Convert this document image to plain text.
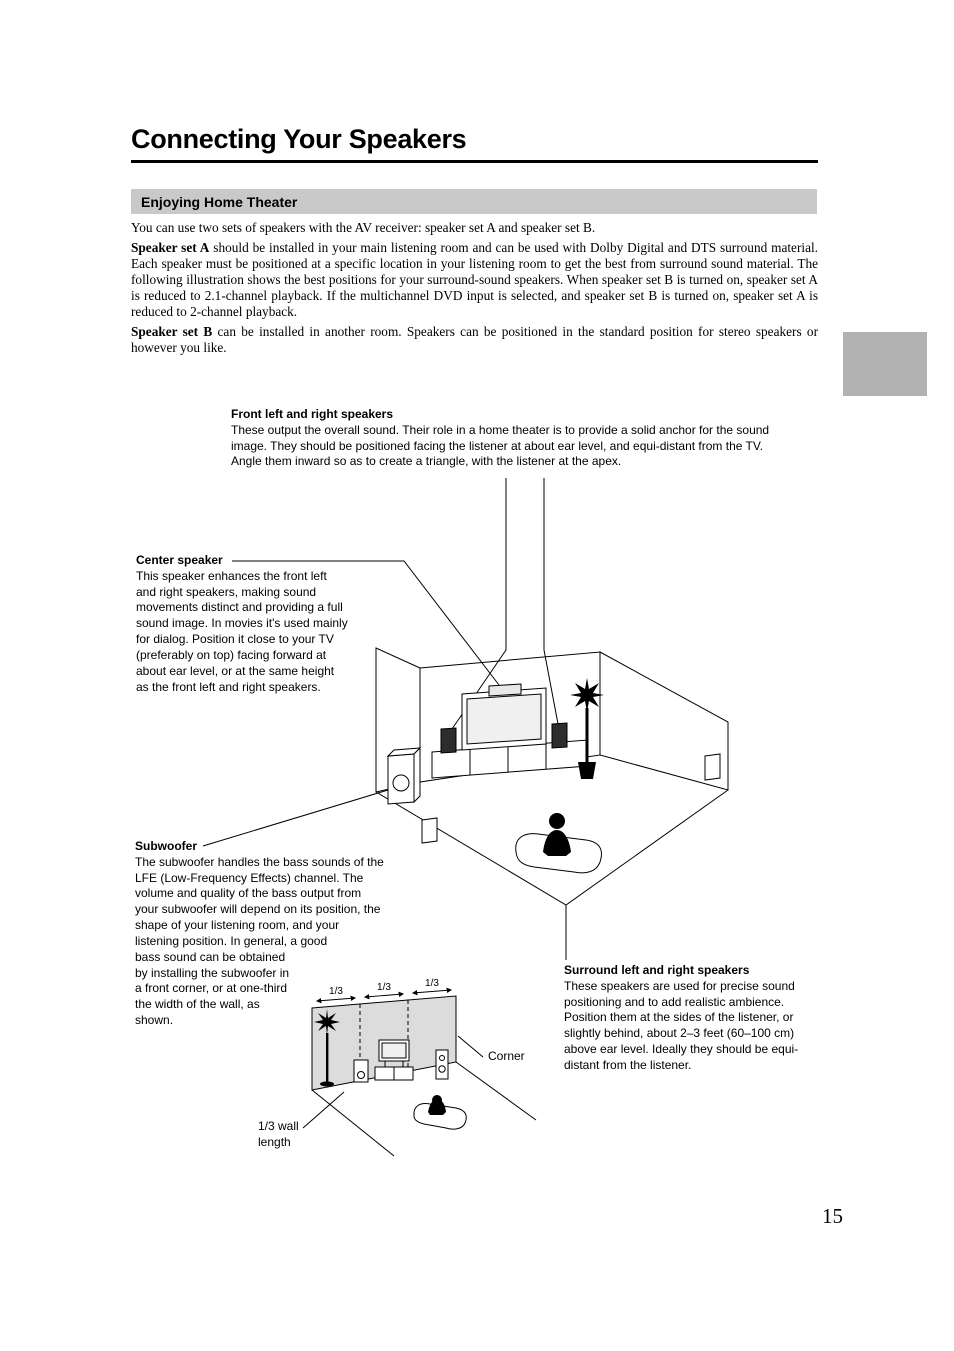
1/3	1/3	1/3
Connecting Your Speakers
Enjoying Home Theater

You can use two sets of speakers with the AV receiver: speaker set A and speaker set B.

Speaker set A should be installed in your main listening room and can be used with Dolby Digital and DTS surround material. Each speaker must be positioned at a specific location in your listening room to get the best from surround sound material. The following illustration shows the best positions for your surround-sound speakers. When speaker set B is turned on, speaker set A is reduced to 2.1-channel playback. If the multichannel DVD input is selected, and speaker set B is turned on, speaker set A is reduced to 2-channel playback.

Speaker set B can be installed in another room. Speakers can be positioned in the standard position for stereo speakers or however you like.

Front left and right speakers
These output the overall sound. Their role in a home theater is to provide a solid anchor for the sound image. They should be positioned facing the listener at about ear level, and equi-distant from the TV. Angle them inward so as to create a triangle, with the listener at the apex.
Center speaker
This speaker enhances the front left and right speakers, making sound movements distinct and providing a full sound image. In movies it's used mainly for dialog. Position it close to your TV (preferably on top) facing forward at about ear level, or at the same height as the front left and right speakers.
Subwoofer
The subwoofer handles the bass sounds of the LFE (Low-Frequency Effects) channel. The volume and quality of the bass output from your subwoofer will depend on its position, the shape of your listening room, and your listening position. In general, a good
bass sound can be obtained by installing the subwoofer in a front corner, or at one-third the width of the wall, as shown.
Surround left and right speakers
These speakers are used for precise sound positioning and to add realistic ambience. Position them at the sides of the listener, or slightly behind, about 2–3 feet (60–100 cm) above ear level. Ideally they should be equi-distant from the listener.
Corner
1/3 wall length
15
